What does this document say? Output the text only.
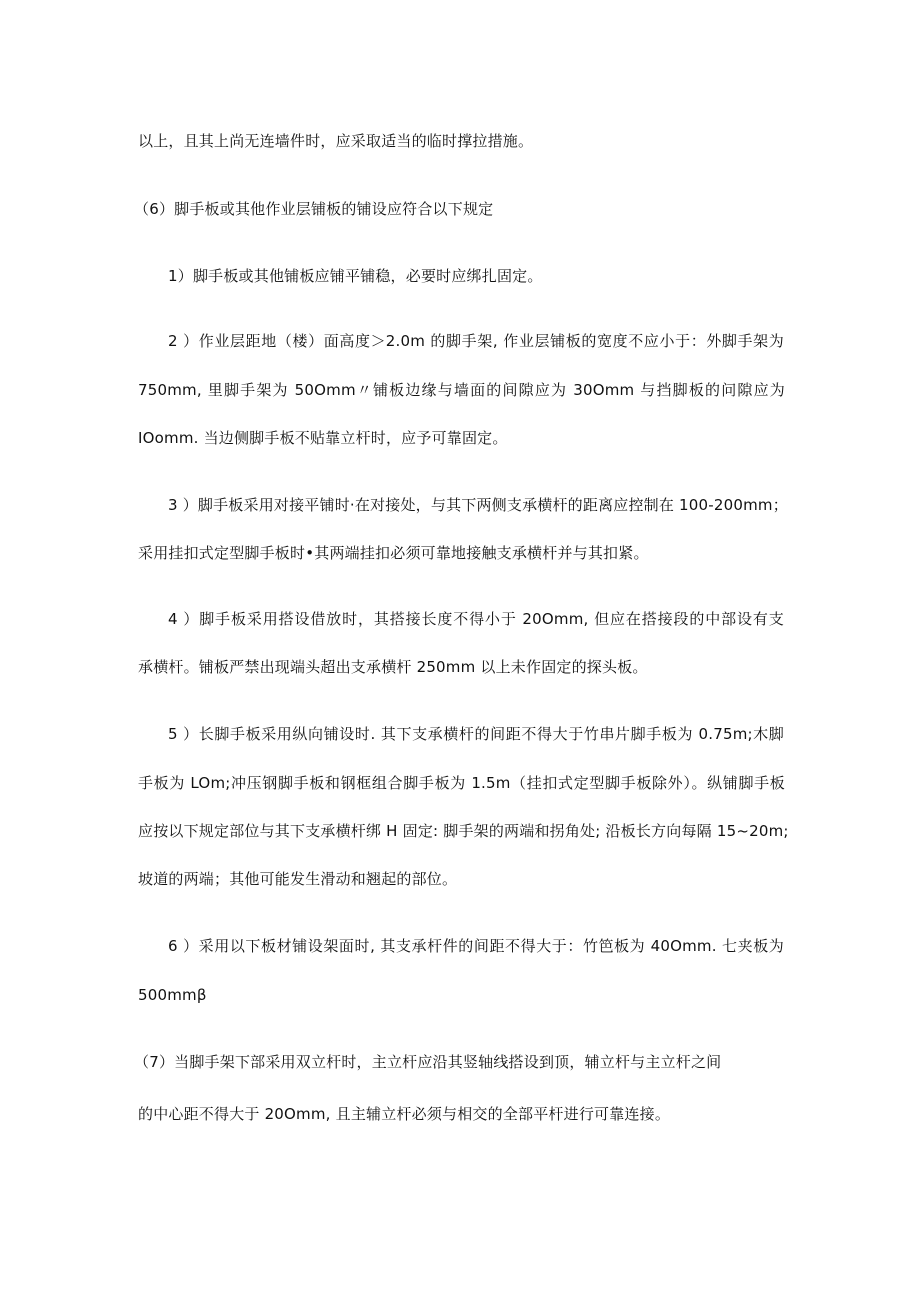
以上，且其上尚无连墙件时，应采取适当的临时撑拉措施。
（6）脚手板或其他作业层铺板的铺设应符合以下规定
1）脚手板或其他铺板应铺平铺稳，必要时应绑扎固定。
2 ）作业层距地（楼）面高度＞2.0m 的脚手架, 作业层铺板的宽度不应小于：外脚手架为
750mm, 里脚手架为 50Omm〃铺板边缘与墙面的间隙应为 30Omm 与挡脚板的问隙应为
IOomm. 当边侧脚手板不贴靠立杆时，应予可靠固定。
3 ）脚手板采用对接平铺时·在对接处，与其下两侧支承横杆的距离应控制在 100-200mm；
采用挂扣式定型脚手板时•其两端挂扣必须可靠地接触支承横杆并与其扣紧。
4 ）脚手板采用搭设借放时，其搭接长度不得小于 20Omm, 但应在搭接段的中部设有支
承横杆。铺板严禁出现端头超出支承横杆 250mm 以上未作固定的探头板。
5 ）长脚手板采用纵向铺设时. 其下支承横杆的间距不得大于竹串片脚手板为 0.75m;木脚
手板为 LOm;冲压钢脚手板和钢框组合脚手板为 1.5m（挂扣式定型脚手板除外）。纵铺脚手板
应按以下规定部位与其下支承横杆绑 H 固定: 脚手架的两端和拐角处; 沿板长方向每隔 15~20m;
坡道的两端；其他可能发生滑动和翘起的部位。
6 ）采用以下板材铺设架面时, 其支承杆件的间距不得大于：竹笆板为 40Omm. 七夹板为
500mmβ
（7）当脚手架下部采用双立杆时，主立杆应沿其竖轴线搭设到顶，辅立杆与主立杆之间
的中心距不得大于 20Omm, 且主辅立杆必须与相交的全部平杆进行可靠连接。
